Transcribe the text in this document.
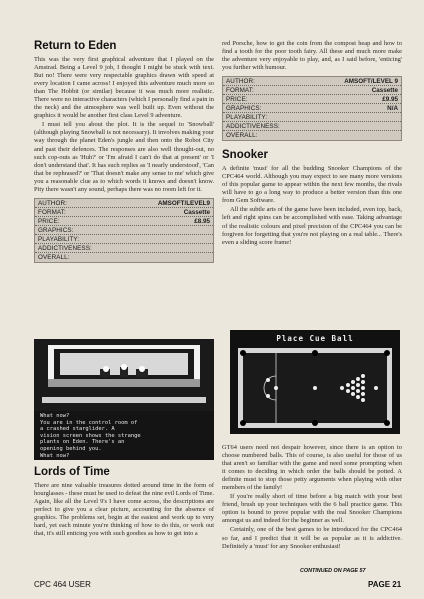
Return to Eden

This was the very first graphical adventure that I played on the Amstrad. Being a Level 9 job, I thought I might be stuck with text. But no! There were very respectable graphics drawn with speed at every location I came across! I enjoyed this adventure much more so than The Hobbit (or similar) because it was much more realistic. There were no interactive characters (which I personally find a pain in the neck) and the atmosphere was well built up. Even without the graphics it would be another first class Level 9 adventure.

I must tell you about the plot. It is the sequel to 'Snowball' (although playing Snowball is not necessary). It involves making your way through the planet Eden's jungle and then onto the Robot City and past their defences. The responses are also well thought-out, no such cop-outs as 'Huh?' or 'I'm afraid I can't do that at present' or 'I don't understand that'. It has such replies as 'I nearly understood', 'Can that be rephrased?' or 'That doesn't make any sense to me' which give you a reasonable clue as to which words it knows and doesn't know. Pity there wasn't any sound, perhaps there was no room left for it.

AUTHOR:	AMSOFT/LEVEL9
FORMAT:	Cassette
PRICE:	£8.95
GRAPHICS:
PLAYABILITY:
ADDICTIVENESS:
OVERALL:
What now?
You are in the control room of
a crashed starglider. A
vision screen shows the strange
plants on Eden. There's an
opening behind you.
What now?
Lords of Time

There are nine valuable treasures dotted around time in the form of hourglasses - these must be used to defeat the nine evil Lords of Time. Again, like all the Level 9's I have come across, the descriptions are perfect to give you a clear picture, accounting for the absence of graphics. The problems set, begin at the easiest and work up to very hard, yet each minute you're thinking of how to do this, or work out that, it's still enticing you with such goodies as how to get into a

red Porsche, how to get the coin from the compost heap and how to find a tooth for the poor tooth fairy. All these and much more make the adventure very enjoyable to play, and, as I said before, 'enticing' you further with humour.

AUTHOR:	AMSOFT/LEVEL 9
FORMAT:	Cassette
PRICE:	£9.95
GRAPHICS:	N/A
PLAYABILITY:
ADDICTIVENESS:
OVERALL:
Snooker

A definite 'must' for all the budding Snooker Champions of the CPC464 world. Although you may expect to see many more versions of this popular game to appear within the next few months, the rivals will have to go a long way to produce a better version than this one from Gem Software.

All the subtle arts of the game have been included, even top, back, left and right spins can be accomplished with ease. Taking advantage of the realistic colours and pixel precision of the CPC464 you can be forgiven for forgetting that you're not playing on a real table... There's even a sliding score frame!

Place Cue Ball

GT64 users need not despair however, since there is an option to choose numbered balls. This of course, is also useful for those of us that aren't so familiar with the game and need some prompting when it comes to deciding in which order the balls should be potted. A definite must to stop those petty arguments when playing with other members of the family!

If you're really short of time before a big match with your best friend, brush up your techniques with the 6 ball practice game. This option is bound to prove popular with the real Snooker Champions amongst us and indeed for the beginner as well.

Certainly, one of the best games to be introduced for the CPC464 so far, and I predict that it will be as popular as it is addictive. Definitely a 'must' for any Snooker enthusiast!

CONTINUED ON PAGE 57
CPC 464 USER	PAGE 21
